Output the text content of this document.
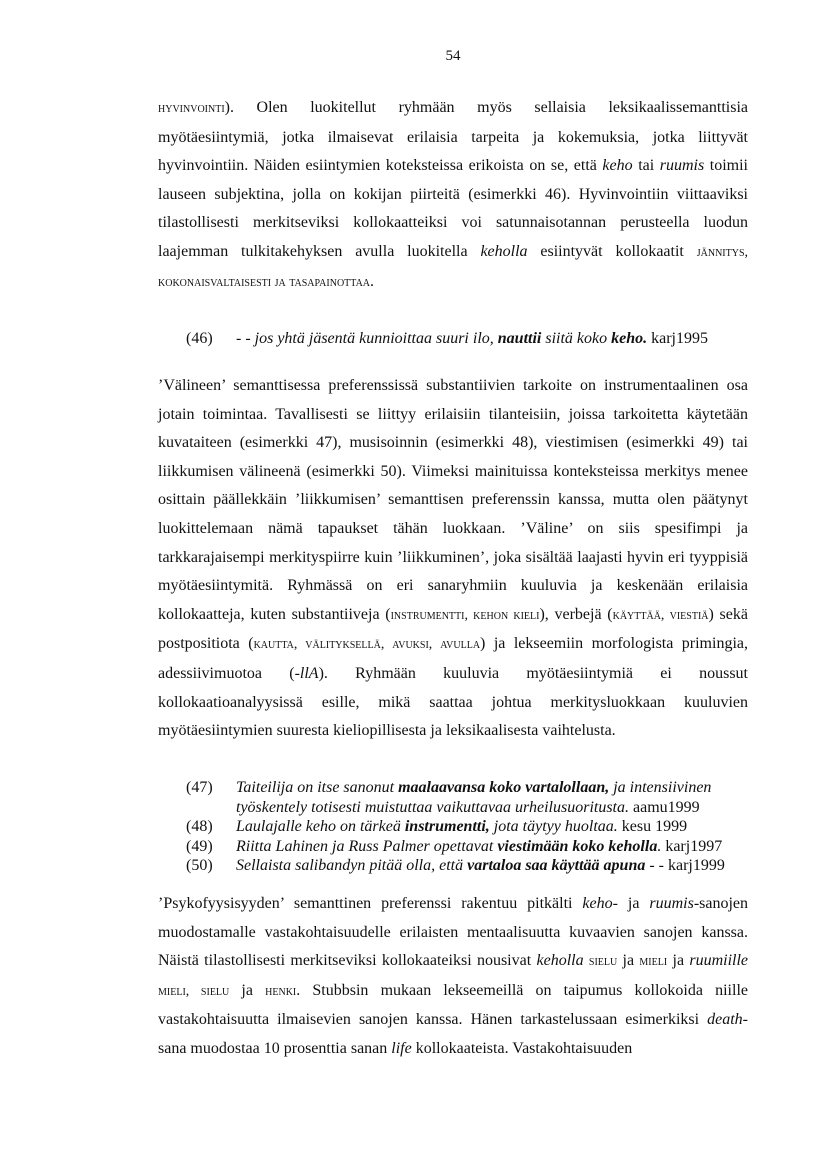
54

hyvinvointi). Olen luokitellut ryhmään myös sellaisia leksikaalissemanttisia myötäesiintymiä, jotka ilmaisevat erilaisia tarpeita ja kokemuksia, jotka liittyvät hyvinvointiin. Näiden esiintymien koteksteissa erikoista on se, että keho tai ruumis toimii lauseen subjektina, jolla on kokijan piirteitä (esimerkki 46). Hyvinvointiin viittaaviksi tilastollisesti merkitseviksi kollokaatteiksi voi satunnaisotannan perusteella luodun laajemman tulkitakehyksen avulla luokitella keholla esiintyvät kollokaatit jännitys, kokonaisvaltaisesti ja tasapainottaa.

(46)	- - jos yhtä jäsentä kunnioittaa suuri ilo, nauttii siitä koko keho. karj1995

’Välineen’ semanttisessa preferenssissä substantiivien tarkoite on instrumentaalinen osa jotain toimintaa. Tavallisesti se liittyy erilaisiin tilanteisiin, joissa tarkoitetta käytetään kuvataiteen (esimerkki 47), musisoinnin (esimerkki 48), viestimisen (esimerkki 49) tai liikkumisen välineenä (esimerkki 50). Viimeksi mainituissa konteksteissa merkitys menee osittain päällekkäin ’liikkumisen’ semanttisen preferenssin kanssa, mutta olen päätynyt luokittelemaan nämä tapaukset tähän luokkaan. ’Väline’ on siis spesifimpi ja tarkkarajaisempi merkityspiirre kuin ’liikkuminen’, joka sisältää laajasti hyvin eri tyyppisiä myötäesiintymitä. Ryhmässä on eri sanaryhmiin kuuluvia ja keskenään erilaisia kollokaatteja, kuten substantiiveja (instrumentti, kehon kieli), verbejä (käyttää, viestiä) sekä postpositiota (kautta, välityksellä, avuksi, avulla) ja lekseemiin morfologista primingia, adessiivimuotoa (-llA). Ryhmään kuuluvia myötäesiintymiä ei noussut kollokaatioanalyysissä esille, mikä saattaa johtua merkitysluokkaan kuuluvien myötäesiintymien suuresta kieliopillisesta ja leksikaalisesta vaihtelusta.

(47)	Taiteilija on itse sanonut maalaavansa koko vartalollaan, ja intensiivinen työskentely totisesti muistuttaa vaikuttavaa urheilusuoritusta. aamu1999
(48)	Laulajalle keho on tärkeä instrumentti, jota täytyy huoltaa. kesu 1999
(49)	Riitta Lahinen ja Russ Palmer opettavat viestimään koko keholla. karj1997
(50)	Sellaista salibandyn pitää olla, että vartaloa saa käyttää apuna - - karj1999

’Psykofyysisyyden’ semanttinen preferenssi rakentuu pitkälti keho- ja ruumis-sanojen muodostamalle vastakohtaisuudelle erilaisten mentaalisuutta kuvaavien sanojen kanssa. Näistä tilastollisesti merkitseviksi kollokaateiksi nousivat keholla sielu ja mieli ja ruumiille mieli, sielu ja henki. Stubbsin mukaan lekseemeillä on taipumus kollokoida niille vastakohtaisuutta ilmaisevien sanojen kanssa. Hänen tarkastelussaan esimerkiksi death-sana muodostaa 10 prosenttia sanan life kollokaateista. Vastakohtaisuuden
